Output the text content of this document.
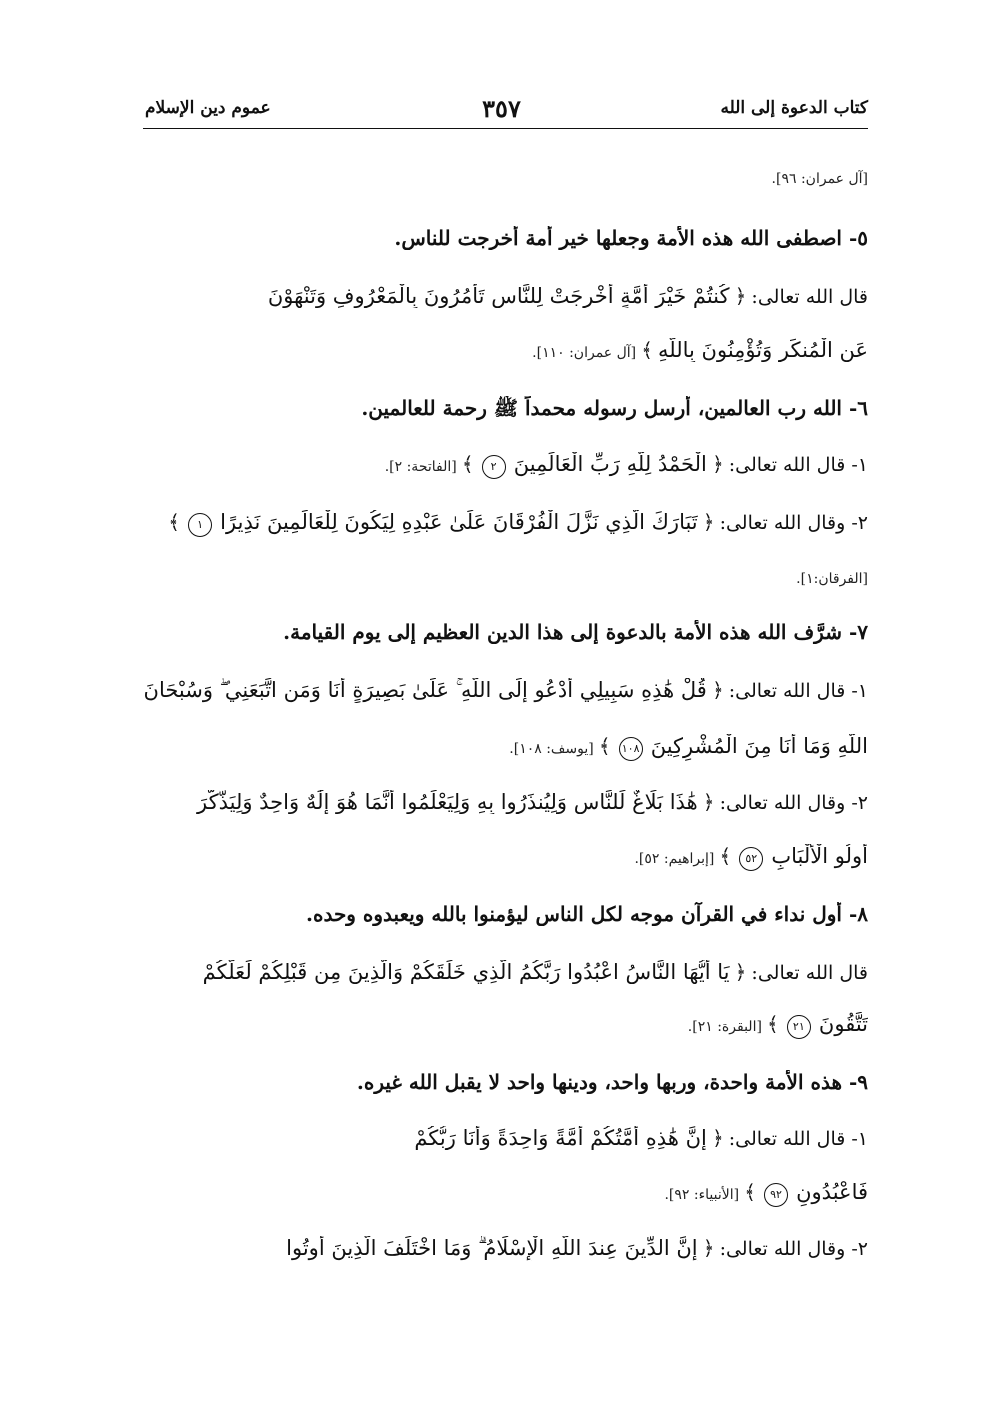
كتاب الدعوة إلى الله
٣٥٧
عموم دين الإسلام
[آل عمران: ٩٦].
٥- اصطفى الله هذه الأمة وجعلها خير أمة أخرجت للناس.
قال الله تعالى: ﴿ كُنتُمْ خَيْرَ أُمَّةٍ أُخْرِجَتْ لِلنَّاسِ تَأْمُرُونَ بِالْمَعْرُوفِ وَتَنْهَوْنَ
عَنِ الْمُنكَرِ وَتُؤْمِنُونَ بِاللَّهِ ﴾ [آل عمران: ١١٠].
٦- الله رب العالمين، أرسل رسوله محمداً ﷺ رحمة للعالمين.
١- قال الله تعالى: ﴿ الْحَمْدُ لِلَّهِ رَبِّ الْعَالَمِينَ ٢ ﴾ [الفاتحة: ٢].
٢- وقال الله تعالى: ﴿ تَبَارَكَ الَّذِي نَزَّلَ الْفُرْقَانَ عَلَىٰ عَبْدِهِ لِيَكُونَ لِلْعَالَمِينَ نَذِيرًا ١ ﴾
[الفرقان:١].
٧- شرَّف الله هذه الأمة بالدعوة إلى هذا الدين العظيم إلى يوم القيامة.
١- قال الله تعالى: ﴿ قُلْ هَٰذِهِ سَبِيلِي أَدْعُو إِلَى اللَّهِ ۚ عَلَىٰ بَصِيرَةٍ أَنَا وَمَنِ اتَّبَعَنِي ۖ وَسُبْحَانَ
اللَّهِ وَمَا أَنَا مِنَ الْمُشْرِكِينَ ١٠٨ ﴾ [يوسف: ١٠٨].
٢- وقال الله تعالى: ﴿ هَٰذَا بَلَاغٌ لِّلنَّاسِ وَلِيُنذَرُوا بِهِ وَلِيَعْلَمُوا أَنَّمَا هُوَ إِلَٰهٌ وَاحِدٌ وَلِيَذَّكَّرَ
أُولُو الْأَلْبَابِ ٥٢ ﴾ [إبراهيم: ٥٢].
٨- أول نداء في القرآن موجه لكل الناس ليؤمنوا بالله ويعبدوه وحده.
قال الله تعالى: ﴿ يَا أَيُّهَا النَّاسُ اعْبُدُوا رَبَّكُمُ الَّذِي خَلَقَكُمْ وَالَّذِينَ مِن قَبْلِكُمْ لَعَلَّكُمْ
تَتَّقُونَ ٢١ ﴾ [البقرة: ٢١].
٩- هذه الأمة واحدة، وربها واحد، ودينها واحد لا يقبل الله غيره.
١- قال الله تعالى: ﴿ إِنَّ هَٰذِهِ أُمَّتُكُمْ أُمَّةً وَاحِدَةً وَأَنَا رَبُّكُمْ
فَاعْبُدُونِ ٩٢ ﴾ [الأنبياء: ٩٢].
٢- وقال الله تعالى: ﴿ إِنَّ الدِّينَ عِندَ اللَّهِ الْإِسْلَامُ ۗ وَمَا اخْتَلَفَ الَّذِينَ أُوتُوا
